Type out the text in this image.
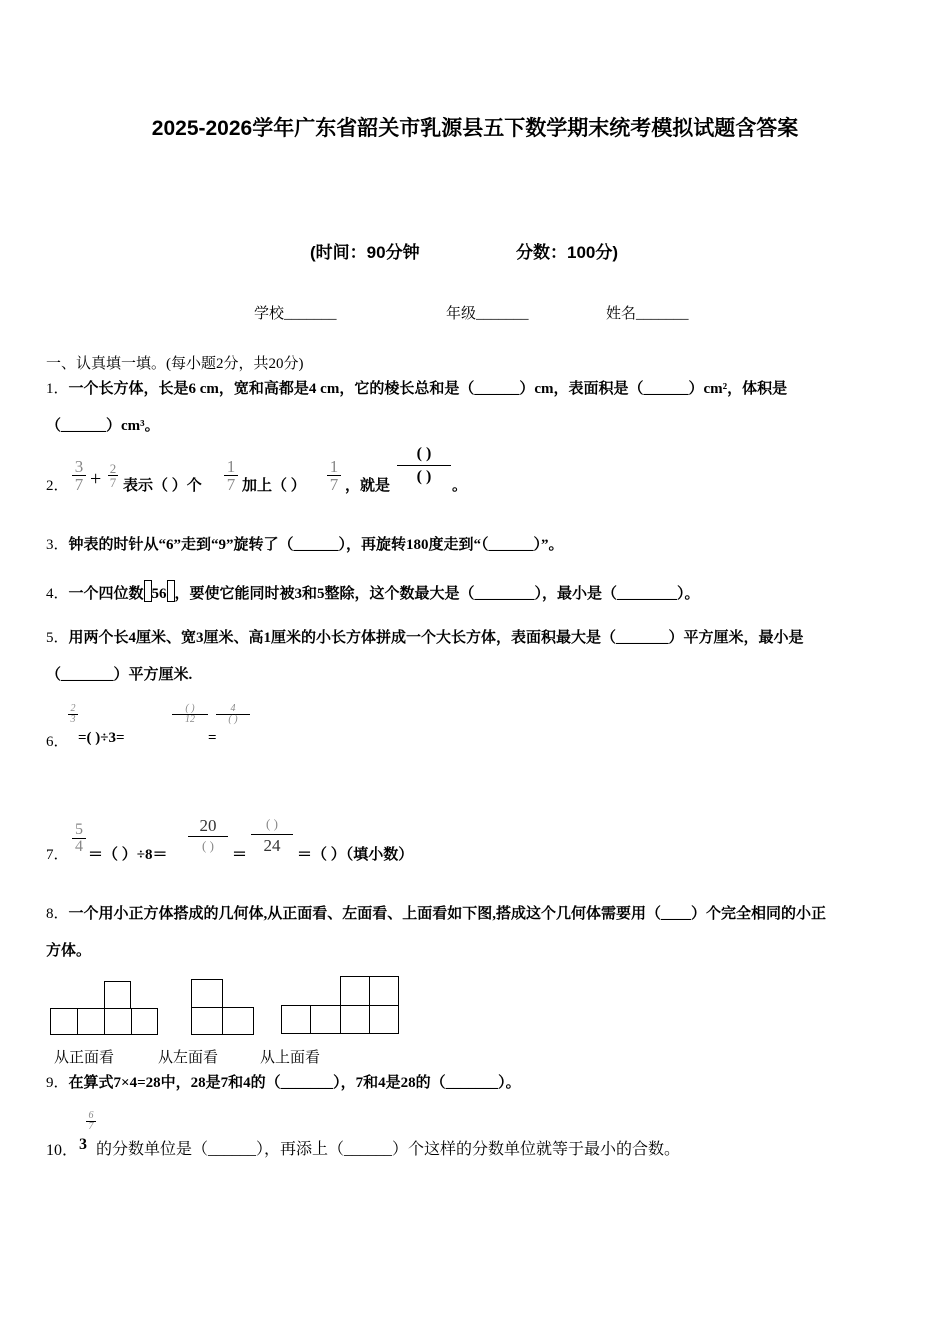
2025-2026学年广东省韶关市乳源县五下数学期末统考模拟试题含答案
(时间：90分钟	分数：100分)
学校_______	年级_______	姓名_______
一、认真填一填。(每小题2分，共20分)
1．一个长方体，长是6 cm，宽和高都是4 cm，它的棱长总和是（______）cm，表面积是（______）cm²，体积是
（______）cm³。
2．
3
7 + 2
7 表示（ ）个
1
7 加上（ ）
1
7 ，就是
( )
( )
。
3．钟表的时针从“6”走到“9”旋转了（______），再旋转180度走到“（______）”。
4．一个四位数 56 ，要使它能同时被3和5整除，这个数最大是（________），最小是（________）。
5．用两个长4厘米、宽3厘米、高1厘米的小长方体拼成一个大长方体，表面积最大是（_______）平方厘米，最小是
（_______）平方厘米.
6．
2
3
=( )÷3=
( )
12
=
4
( )
7．
5
4 ＝（ ）÷8＝
20
( )
＝
( )
24	＝（ ）（填小数）
8．一个用小正方体搭成的几何体,从正面看、左面看、上面看如下图,搭成这个几何体需要用（____）个完全相同的小正
方体。
从正面看	从左面看	从上面看
9．在算式7×4=28中，28是7和4的（_______），7和4是28的（_______）。
10． 3
6
7
的分数单位是（______），再添上（______）个这样的分数单位就等于最小的合数。
